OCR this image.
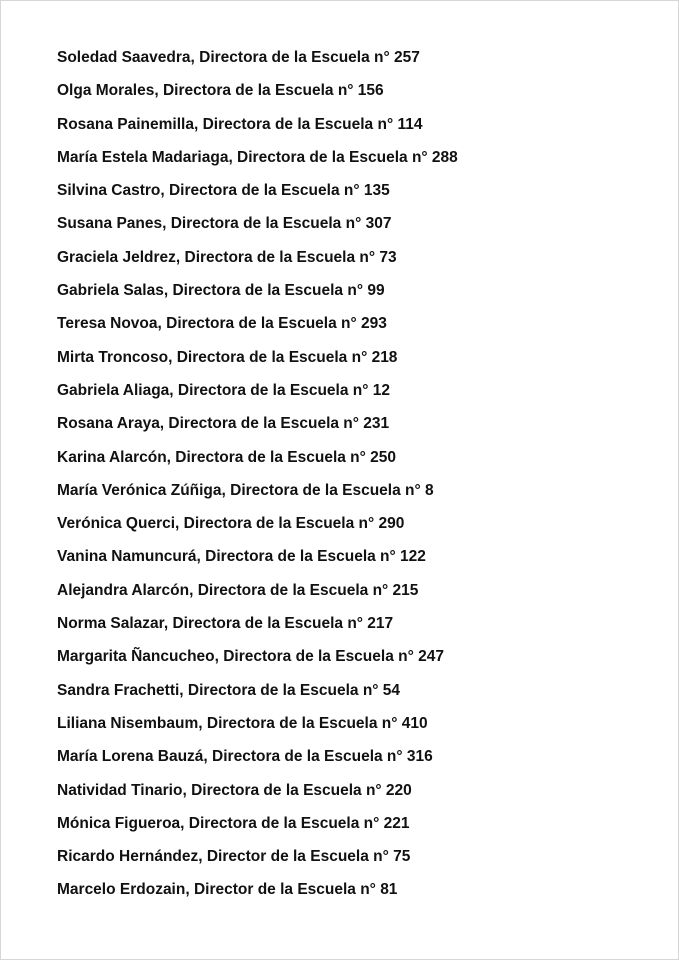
Soledad Saavedra, Directora de la Escuela n° 257
Olga Morales, Directora de la Escuela n° 156
Rosana Painemilla, Directora de la Escuela n° 114
María Estela Madariaga, Directora de la Escuela n° 288
Silvina Castro, Directora de la Escuela n° 135
Susana Panes, Directora de la Escuela n° 307
Graciela Jeldrez, Directora de la Escuela n° 73
Gabriela Salas, Directora de la Escuela n° 99
Teresa Novoa, Directora de la Escuela n° 293
Mirta Troncoso, Directora de la Escuela n° 218
Gabriela Aliaga, Directora de la Escuela n° 12
Rosana Araya, Directora de la Escuela n° 231
Karina Alarcón, Directora de la Escuela n° 250
María Verónica Zúñiga, Directora de la Escuela n° 8
Verónica Querci, Directora de la Escuela n° 290
Vanina Namuncurá, Directora de la Escuela n° 122
Alejandra Alarcón, Directora de la Escuela n° 215
Norma Salazar, Directora de la Escuela n° 217
Margarita Ñancucheo, Directora de la Escuela n° 247
Sandra Frachetti, Directora de la Escuela n° 54
Liliana Nisembaum, Directora de la Escuela n° 410
María Lorena Bauzá, Directora de la Escuela n° 316
Natividad Tinario, Directora de la Escuela n° 220
Mónica Figueroa, Directora de la Escuela n° 221
Ricardo Hernández, Director de la Escuela n° 75
Marcelo Erdozain, Director de la Escuela n° 81
